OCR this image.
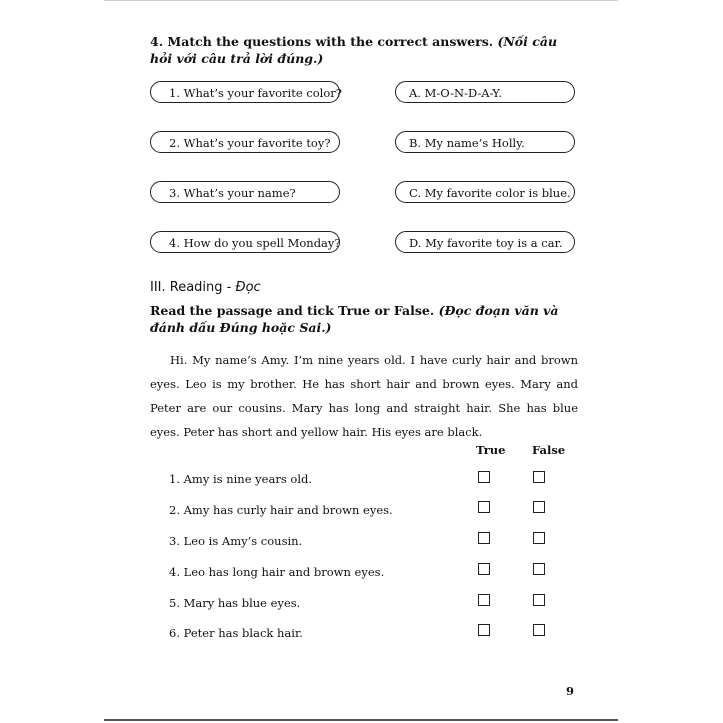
4. Match the questions with the correct answers. (Nối câu hỏi với câu trả lời đúng.)
1. What’s your favorite color?
2. What’s your favorite toy?
3. What’s your name?
4. How do you spell Monday?
A. M-O-N-D-A-Y.
B. My name’s Holly.
C. My favorite color is blue.
D. My favorite toy is a car.
III. Reading - Đọc
Read the passage and tick True or False. (Đọc đoạn văn và đánh dấu Đúng hoặc Sai.)

Hi. My name’s Amy. I’m nine years old. I have curly hair and brown eyes. Leo is my brother. He has short hair and brown eyes. Mary and Peter are our cousins. Mary has long and straight hair. She has blue eyes. Peter has short and yellow hair. His eyes are black.

True False
1. Amy is nine years old.
2. Amy has curly hair and brown eyes.
3. Leo is Amy’s cousin.
4. Leo has long hair and brown eyes.
5. Mary has blue eyes.
6. Peter has black hair.
9
